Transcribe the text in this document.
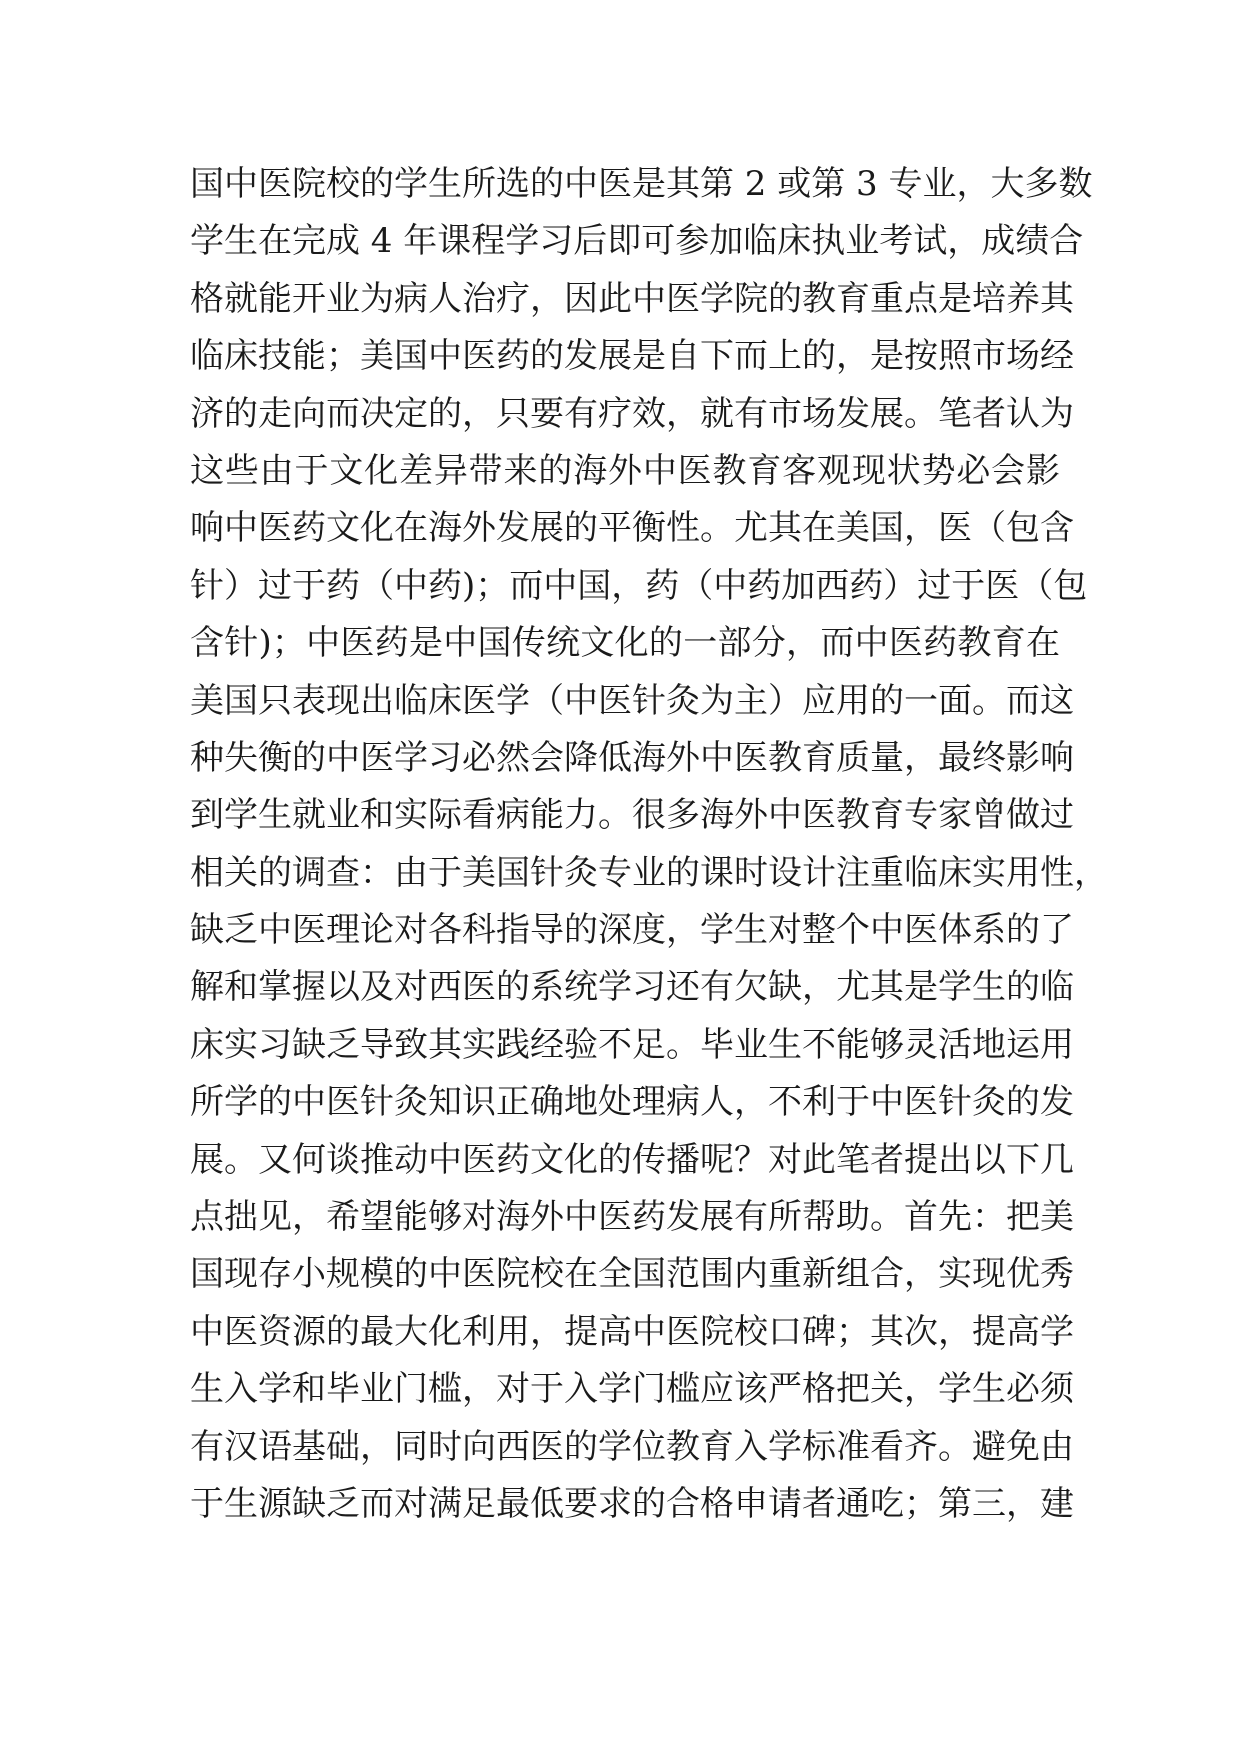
国中医院校的学生所选的中医是其第 2 或第 3 专业，大多数
学生在完成 4 年课程学习后即可参加临床执业考试，成绩合
格就能开业为病人治疗，因此中医学院的教育重点是培养其
临床技能；美国中医药的发展是自下而上的，是按照市场经
济的走向而决定的，只要有疗效，就有市场发展。笔者认为
这些由于文化差异带来的海外中医教育客观现状势必会影
响中医药文化在海外发展的平衡性。尤其在美国，医（包含
针）过于药（中药)；而中国，药（中药加西药）过于医（包
含针)；中医药是中国传统文化的一部分，而中医药教育在
美国只表现出临床医学（中医针灸为主）应用的一面。而这
种失衡的中医学习必然会降低海外中医教育质量，最终影响
到学生就业和实际看病能力。很多海外中医教育专家曾做过
相关的调查：由于美国针灸专业的课时设计注重临床实用性，
缺乏中医理论对各科指导的深度，学生对整个中医体系的了
解和掌握以及对西医的系统学习还有欠缺，尤其是学生的临
床实习缺乏导致其实践经验不足。毕业生不能够灵活地运用
所学的中医针灸知识正确地处理病人，不利于中医针灸的发
展。又何谈推动中医药文化的传播呢？对此笔者提出以下几
点拙见，希望能够对海外中医药发展有所帮助。首先：把美
国现存小规模的中医院校在全国范围内重新组合，实现优秀
中医资源的最大化利用，提高中医院校口碑；其次，提高学
生入学和毕业门槛，对于入学门槛应该严格把关，学生必须
有汉语基础，同时向西医的学位教育入学标准看齐。避免由
于生源缺乏而对满足最低要求的合格申请者通吃；第三，建
